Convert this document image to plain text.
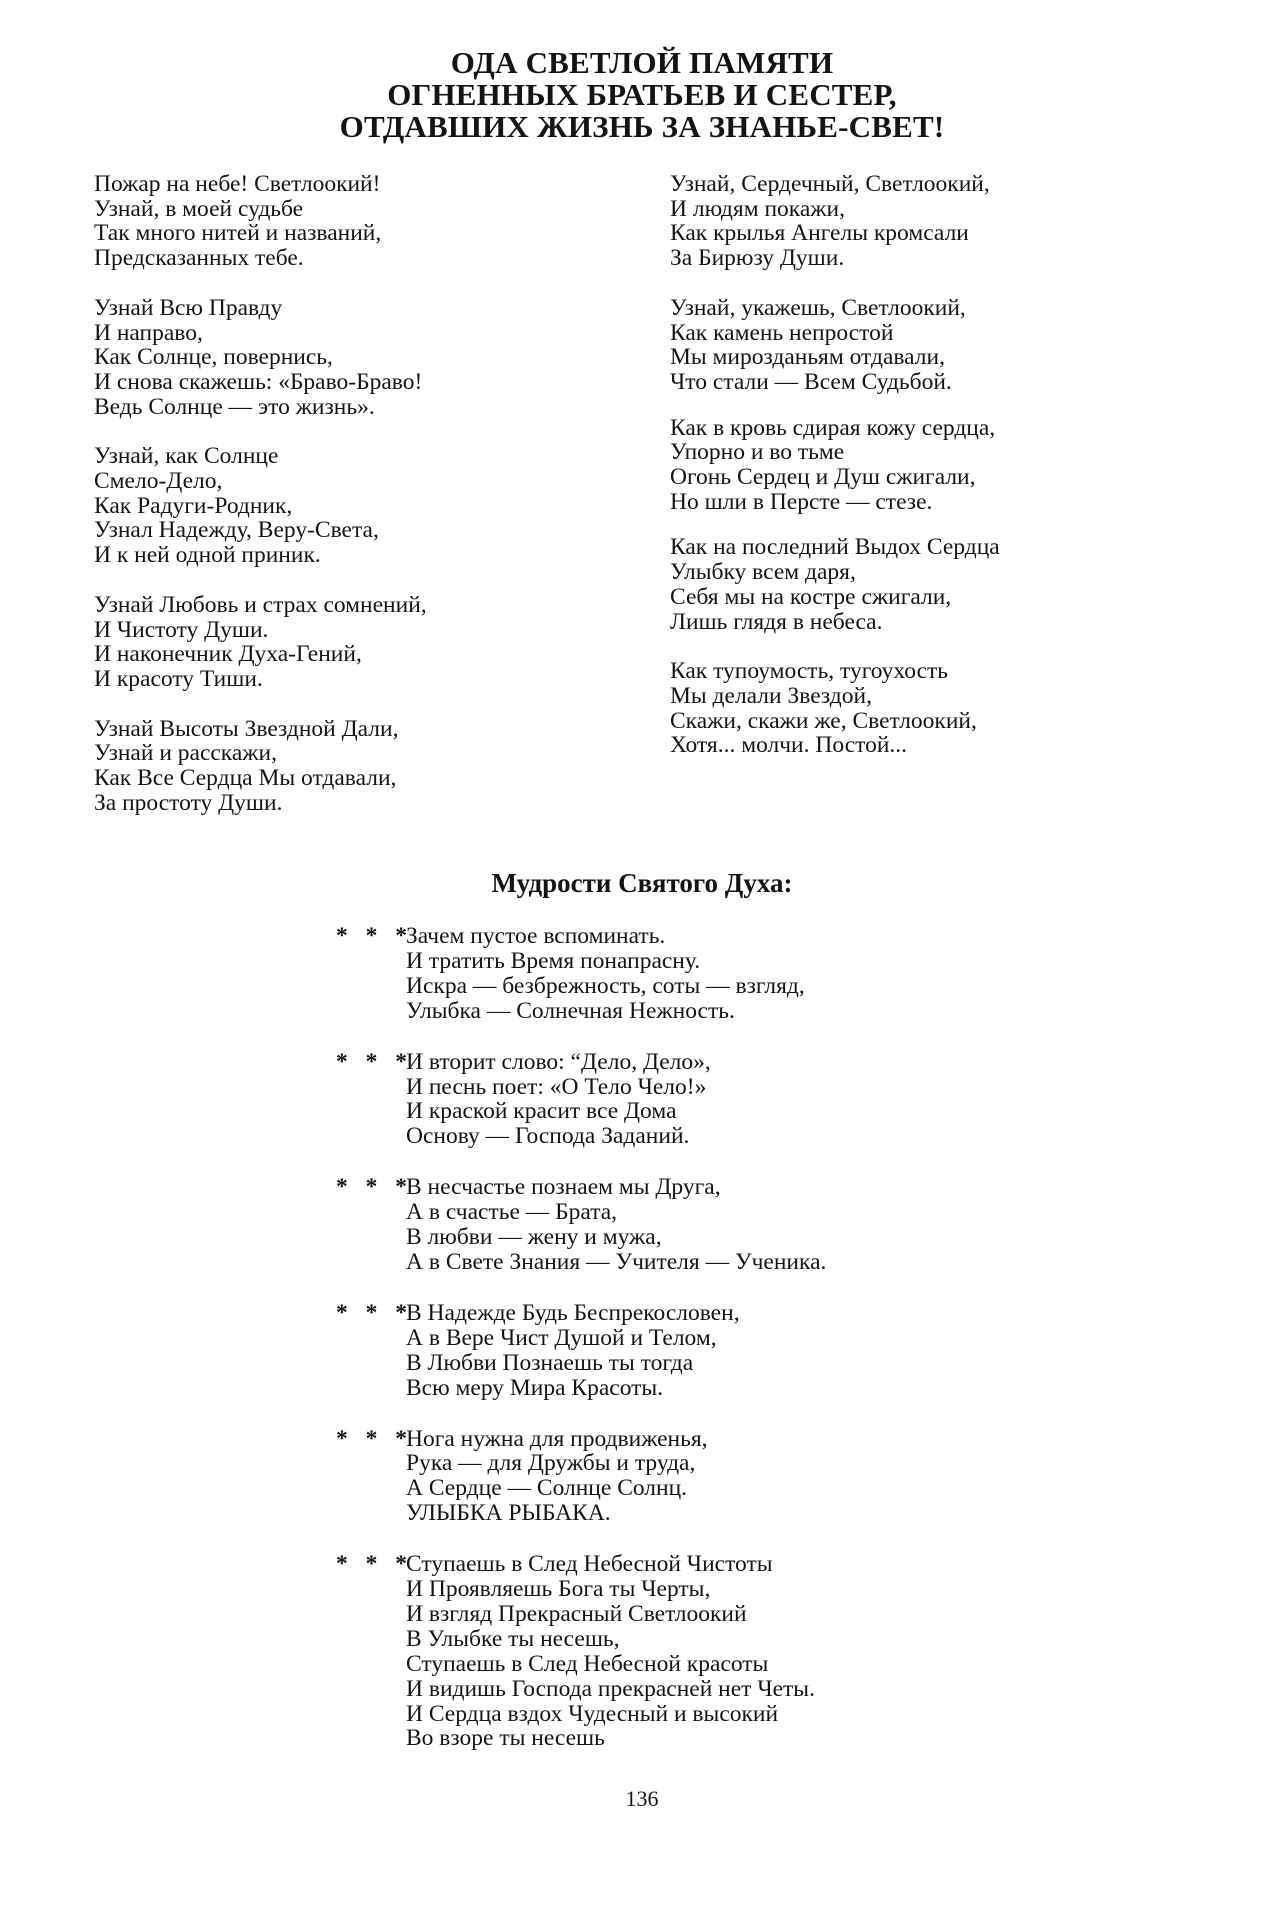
ОДА СВЕТЛОЙ ПАМЯТИ
ОГНЕННЫХ БРАТЬЕВ И СЕСТЕР,
ОТДАВШИХ ЖИЗНЬ ЗА ЗНАНЬЕ-СВЕТ!
Пожар на небе! Светлоокий!
Узнай, в моей судьбе
Так много нитей и названий,
Предсказанных тебе.
Узнай Всю Правду
И направо,
Как Солнце, повернись,
И снова скажешь: «Браво-Браво!
Ведь Солнце — это жизнь».
Узнай, как Солнце
Смело-Дело,
Как Радуги-Родник,
Узнал Надежду, Веру-Света,
И к ней одной приник.
Узнай Любовь и страх сомнений,
И Чистоту Души.
И наконечник Духа-Гений,
И красоту Тиши.
Узнай Высоты Звездной Дали,
Узнай и расскажи,
Как Все Сердца Мы отдавали,
За простоту Души.
Узнай, Сердечный, Светлоокий,
И людям покажи,
Как крылья Ангелы кромсали
За Бирюзу Души.
Узнай, укажешь, Светлоокий,
Как камень непростой
Мы мирозданьям отдавали,
Что стали — Всем Судьбой.
Как в кровь сдирая кожу сердца,
Упорно и во тьме
Огонь Сердец и Душ сжигали,
Но шли в Персте — стезе.
Как на последний Выдох Сердца
Улыбку всем даря,
Себя мы на костре сжигали,
Лишь глядя в небеса.
Как тупоумость, тугоухость
Мы делали Звездой,
Скажи, скажи же, Светлоокий,
Хотя... молчи. Постой...
Мудрости Святого Духа:
* * *
Зачем пустое вспоминать.
И тратить Время понапрасну.
Искра — безбрежность, соты — взгляд,
Улыбка — Солнечная Нежность.
* * *
И вторит слово: “Дело, Дело»,
И песнь поет: «О Тело Чело!»
И краской красит все Дома
Основу — Господа Заданий.
* * *
В несчастье познаем мы Друга,
А в счастье — Брата,
В любви — жену и мужа,
А в Свете Знания — Учителя — Ученика.
* * *
В Надежде Будь Беспрекословен,
А в Вере Чист Душой и Телом,
В Любви Познаешь ты тогда
Всю меру Мира Красоты.
* * *
Нога нужна для продвиженья,
Рука — для Дружбы и труда,
А Сердце — Солнце Солнц.
УЛЫБКА РЫБАКА.
* * *
Ступаешь в След Небесной Чистоты
И Проявляешь Бога ты Черты,
И взгляд Прекрасный Светлоокий
В Улыбке ты несешь,
Ступаешь в След Небесной красоты
И видишь Господа прекрасней нет Четы.
И Сердца вздох Чудесный и высокий
Во взоре ты несешь
136
